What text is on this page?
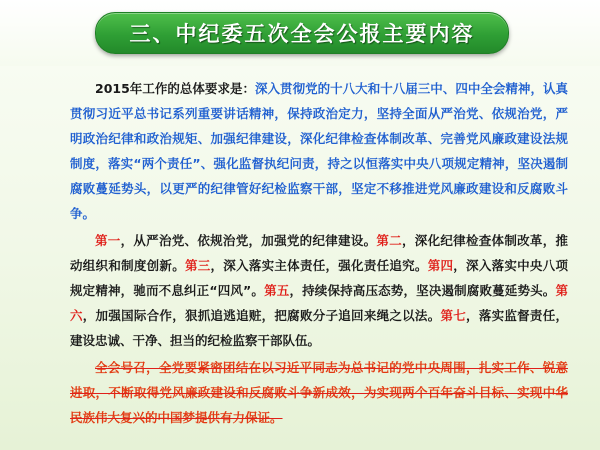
三、中纪委五次全会公报主要内容

2015年工作的总体要求是：深入贯彻党的十八大和十八届三中、四中全会精神，认真贯彻习近平总书记系列重要讲话精神，保持政治定力，坚持全面从严治党、依规治党，严明政治纪律和政治规矩、加强纪律建设，深化纪律检查体制改革、完善党风廉政建设法规制度，落实“两个责任”、强化监督执纪问责，持之以恒落实中央八项规定精神，坚决遏制腐败蔓延势头，以更严的纪律管好纪检监察干部，坚定不移推进党风廉政建设和反腐败斗争。

第一，从严治党、依规治党，加强党的纪律建设。第二，深化纪律检查体制改革，推动组织和制度创新。第三，深入落实主体责任，强化责任追究。第四，深入落实中央八项规定精神，驰而不息纠正“四风”。第五，持续保持高压态势，坚决遏制腐败蔓延势头。第六，加强国际合作，狠抓追逃追赃，把腐败分子追回来绳之以法。第七，落实监督责任，建设忠诚、干净、担当的纪检监察干部队伍。

全会号召，全党要紧密团结在以习近平同志为总书记的党中央周围，扎实工作、锐意进取，不断取得党风廉政建设和反腐败斗争新成效，为实现两个百年奋斗目标、实现中华民族伟大复兴的中国梦提供有力保证。
